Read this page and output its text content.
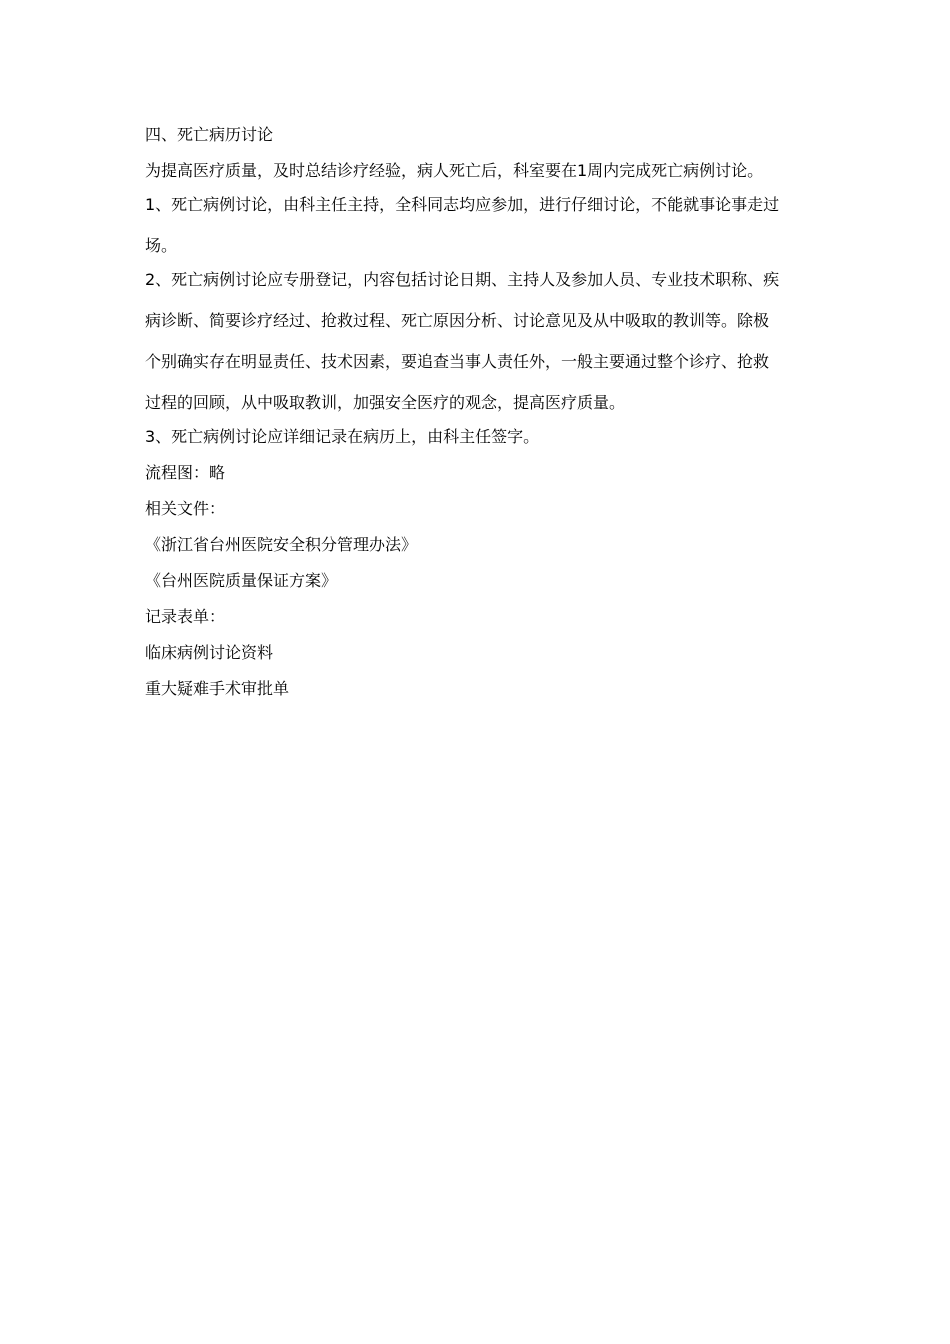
四、死亡病历讨论

为提高医疗质量，及时总结诊疗经验，病人死亡后，科室要在1周内完成死亡病例讨论。

1、死亡病例讨论，由科主任主持，全科同志均应参加，进行仔细讨论，不能就事论事走过
场。

2、死亡病例讨论应专册登记，内容包括讨论日期、主持人及参加人员、专业技术职称、疾
病诊断、简要诊疗经过、抢救过程、死亡原因分析、讨论意见及从中吸取的教训等。除极
个别确实存在明显责任、技术因素，要追查当事人责任外，一般主要通过整个诊疗、抢救
过程的回顾，从中吸取教训，加强安全医疗的观念，提高医疗质量。

3、死亡病例讨论应详细记录在病历上，由科主任签字。

流程图：略

相关文件：

《浙江省台州医院安全积分管理办法》

《台州医院质量保证方案》

记录表单：

临床病例讨论资料

重大疑难手术审批单
